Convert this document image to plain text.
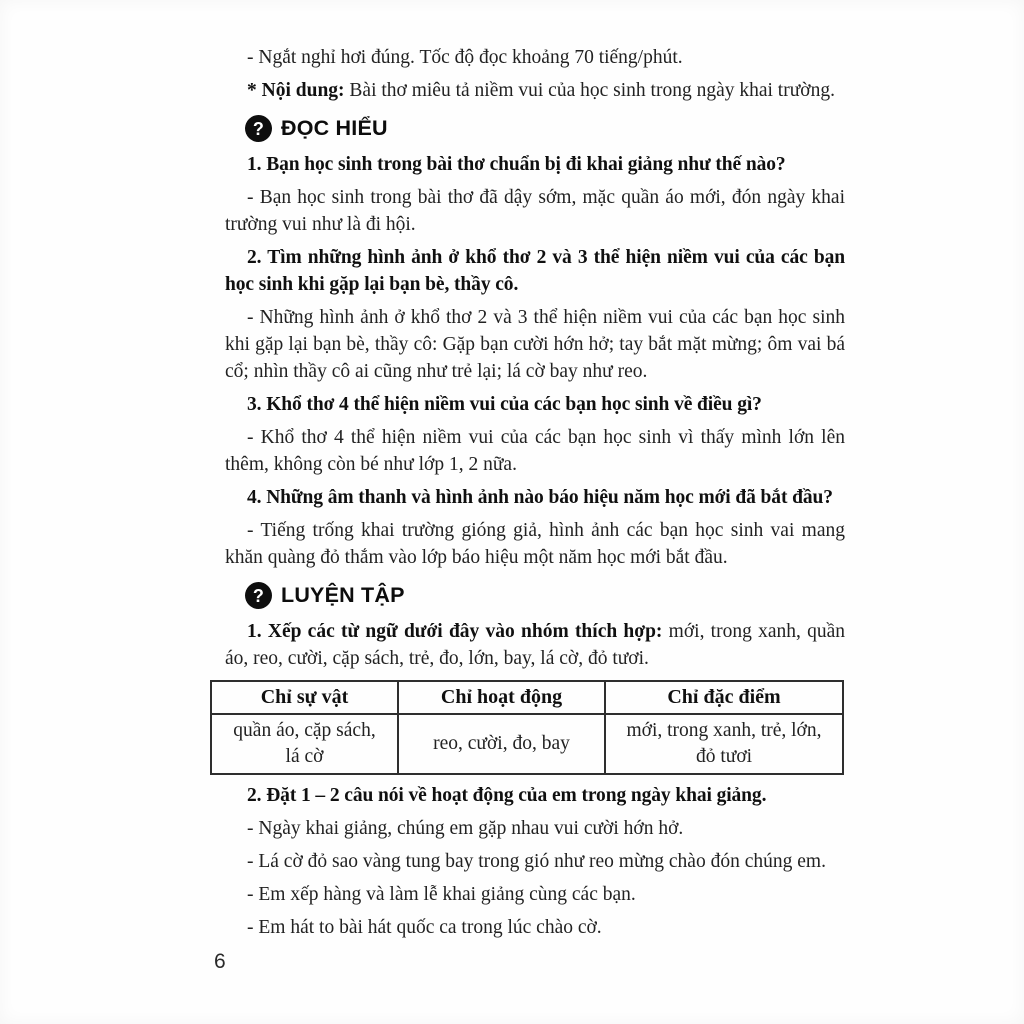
- Ngắt nghỉ hơi đúng. Tốc độ đọc khoảng 70 tiếng/phút.

* Nội dung: Bài thơ miêu tả niềm vui của học sinh trong ngày khai trường.

? ĐỌC HIỂU

1. Bạn học sinh trong bài thơ chuẩn bị đi khai giảng như thế nào?

- Bạn học sinh trong bài thơ đã dậy sớm, mặc quần áo mới, đón ngày khai trường vui như là đi hội.

2. Tìm những hình ảnh ở khổ thơ 2 và 3 thể hiện niềm vui của các bạn học sinh khi gặp lại bạn bè, thầy cô.

- Những hình ảnh ở khổ thơ 2 và 3 thể hiện niềm vui của các bạn học sinh khi gặp lại bạn bè, thầy cô: Gặp bạn cười hớn hở; tay bắt mặt mừng; ôm vai bá cổ; nhìn thầy cô ai cũng như trẻ lại; lá cờ bay như reo.

3. Khổ thơ 4 thể hiện niềm vui của các bạn học sinh về điều gì?

- Khổ thơ 4 thể hiện niềm vui của các bạn học sinh vì thấy mình lớn lên thêm, không còn bé như lớp 1, 2 nữa.

4. Những âm thanh và hình ảnh nào báo hiệu năm học mới đã bắt đầu?

- Tiếng trống khai trường gióng giả, hình ảnh các bạn học sinh vai mang khăn quàng đỏ thắm vào lớp báo hiệu một năm học mới bắt đầu.

? LUYỆN TẬP

1. Xếp các từ ngữ dưới đây vào nhóm thích hợp: mới, trong xanh, quần áo, reo, cười, cặp sách, trẻ, đo, lớn, bay, lá cờ, đỏ tươi.

Chỉ sự vật	Chỉ hoạt động	Chỉ đặc điểm
quần áo, cặp sách, lá cờ	reo, cười, đo, bay	mới, trong xanh, trẻ, lớn, đỏ tươi

2. Đặt 1 – 2 câu nói về hoạt động của em trong ngày khai giảng.

- Ngày khai giảng, chúng em gặp nhau vui cười hớn hở.

- Lá cờ đỏ sao vàng tung bay trong gió như reo mừng chào đón chúng em.

- Em xếp hàng và làm lễ khai giảng cùng các bạn.

- Em hát to bài hát quốc ca trong lúc chào cờ.

6
